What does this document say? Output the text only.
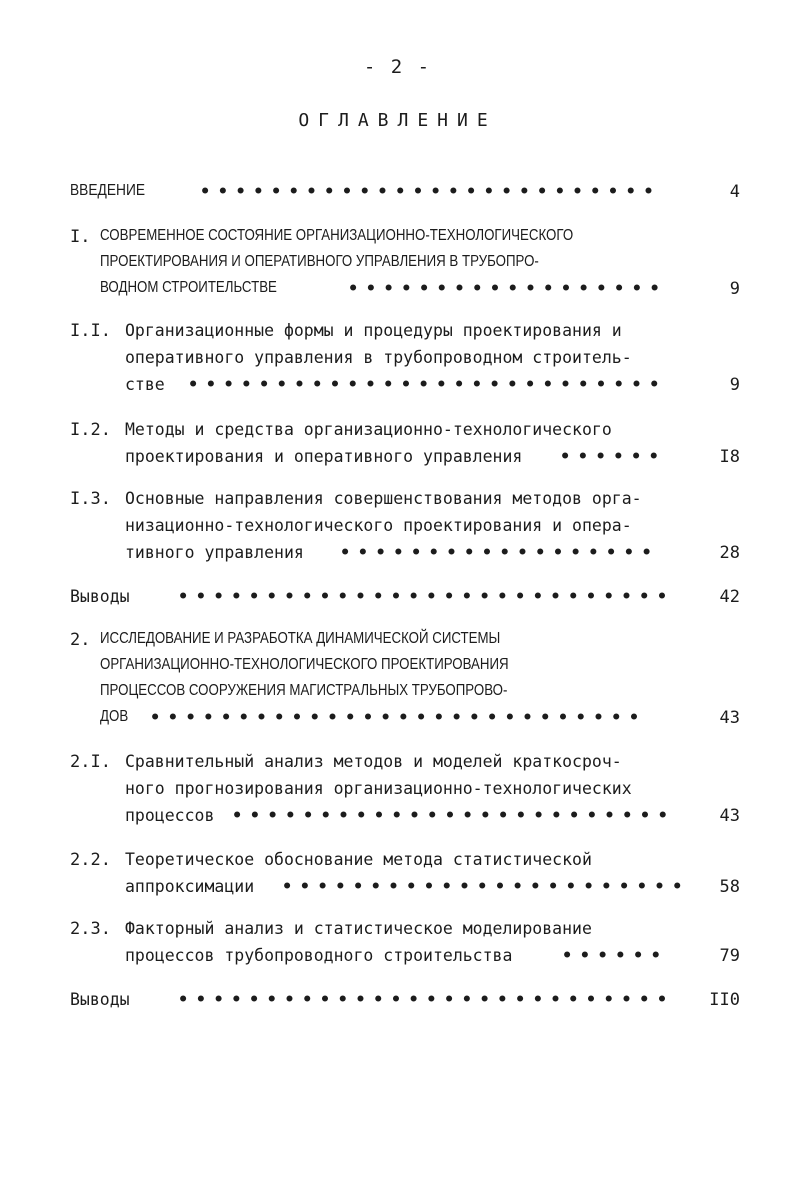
- 2 -
ОГЛАВЛЕНИЕ
ВВЕДЕНИЕ	••••••••••••••••••••••••••	4
I. СОВРЕМЕННОЕ СОСТОЯНИЕ ОРГАНИЗАЦИОННО-ТЕХНОЛОГИЧЕСКОГО
ПРОЕКТИРОВАНИЯ И ОПЕРАТИВНОГО УПРАВЛЕНИЯ В ТРУБОПРО-
ВОДНОМ СТРОИТЕЛЬСТВЕ	••••••••••••••••••	9
I.I. Организационные формы и процедуры проектирования и
оперативного управления в трубопроводном строитель-
стве •••••••••••••••••••••••••••	9
I.2. Методы и средства организационно-технологического
проектирования и оперативного управления ••••••	I8
I.3. Основные направления совершенствования методов орга-
низационно-технологического проектирования и опера-
тивного управления ••••••••••••••••••	28
Выводы	••••••••••••••••••••••••••••	42
2. ИССЛЕДОВАНИЕ И РАЗРАБОТКА ДИНАМИЧЕСКОЙ СИСТЕМЫ
ОРГАНИЗАЦИОННО-ТЕХНОЛОГИЧЕСКОГО ПРОЕКТИРОВАНИЯ
ПРОЦЕССОВ СООРУЖЕНИЯ МАГИСТРАЛЬНЫХ ТРУБОПРОВО-
ДОВ ••••••••••••••••••••••••••••	43
2.I. Сравнительный анализ методов и моделей краткосроч-
ного прогнозирования организационно-технологических
процессов •••••••••••••••••••••••••	43
2.2. Теоретическое обоснование метода статистической
аппроксимации ••••••••••••••••••••••• 58
2.3. Факторный анализ и статистическое моделирование
процессов трубопроводного строительства	••••••	79
Выводы	•••••••••••••••••••••••••••• II0
